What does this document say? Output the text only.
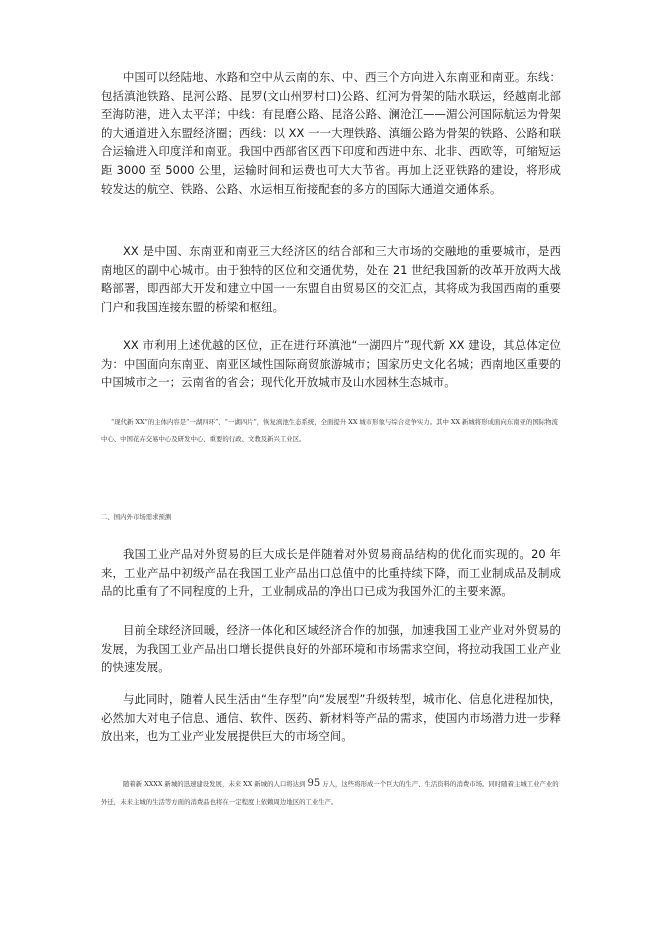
中国可以经陆地、水路和空中从云南的东、中、西三个方向进入东南亚和南亚。东线：包括滇池铁路、昆河公路、昆罗(文山州罗村口)公路、红河为骨架的陆水联运，经越南北部至海防港，进入太平洋；中线：有昆磨公路、昆洛公路、澜沧江——湄公河国际航运为骨架的大通道进入东盟经济圈；西线：以 XX 一一大理铁路、滇缅公路为骨架的铁路、公路和联合运输进入印度洋和南亚。我国中西部省区西下印度和西进中东、北非、西欧等，可缩短运距 3000 至 5000 公里，运输时间和运费也可大大节省。再加上泛亚铁路的建设，将形成较发达的航空、铁路、公路、水运相互衔接配套的多方的国际大通道交通体系。

XX 是中国、东南亚和南亚三大经济区的结合部和三大市场的交融地的重要城市，是西南地区的副中心城市。由于独特的区位和交通优势，处在 21 世纪我国新的改革开放两大战略部署，即西部大开发和建立中国一一东盟自由贸易区的交汇点，其将成为我国西南的重要门户和我国连接东盟的桥梁和枢纽。

XX 市利用上述优越的区位，正在进行环滇池“一湖四片”现代新 XX 建设，其总体定位为：中国面向东南亚、南亚区域性国际商贸旅游城市；国家历史文化名城；西南地区重要的中国城市之一；云南省的省会；现代化开放城市及山水园林生态城市。

“现代新 XX”的主体内容是“一湖四环”、“一湖四片”，恢复滇池生态系统，全面提升 XX 城市形象与综合竞争实力。其中 XX 新城将形成面向东南亚的国际物流中心、中国花卉交易中心及研发中心、重要的行政、文教及新兴工业区。

二、国内外市场需求预测

我国工业产品对外贸易的巨大成长是伴随着对外贸易商品结构的优化而实现的。20 年来，工业产品中初级产品在我国工业产品出口总值中的比重持续下降，而工业制成品及制成品的比重有了不同程度的上升，工业制成品的净出口已成为我国外汇的主要来源。

目前全球经济回暖，经济一体化和区域经济合作的加强，加速我国工业产业对外贸易的发展，为我国工业产品出口增长提供良好的外部环境和市场需求空间，将拉动我国工业产业的快速发展。

与此同时，随着人民生活由“生存型”向“发展型”升级转型，城市化、信息化进程加快，必然加大对电子信息、通信、软件、医药、新材料等产品的需求，使国内市场潜力进一步释放出来，也为工业产业发展提供巨大的市场空间。

随着新 XXXX 新城的迅速建设发展，未来 XX 新城的人口将达到 95 万人，这些将形成一个巨大的生产、生活资料的消费市场。同时随着主城工业产业的外迁，未来主城的生活等方面的消费品也将在一定程度上依赖周边地区的工业生产。
